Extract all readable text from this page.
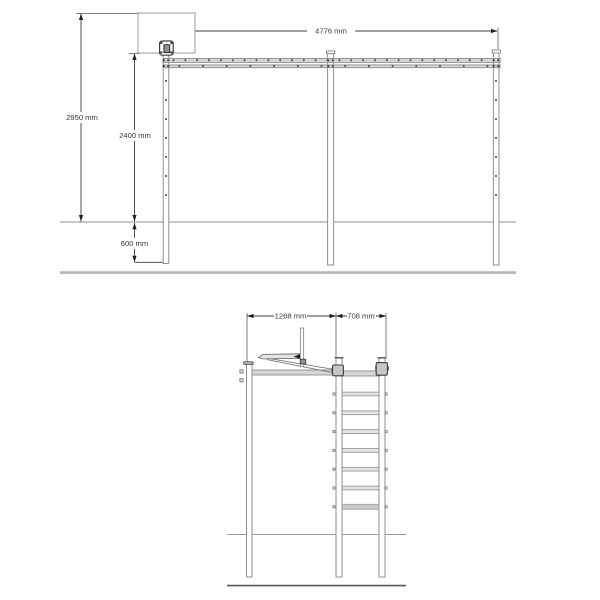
2950 mm
2400 mm
600 mm
4776 mm
1268 mm	708 mm
